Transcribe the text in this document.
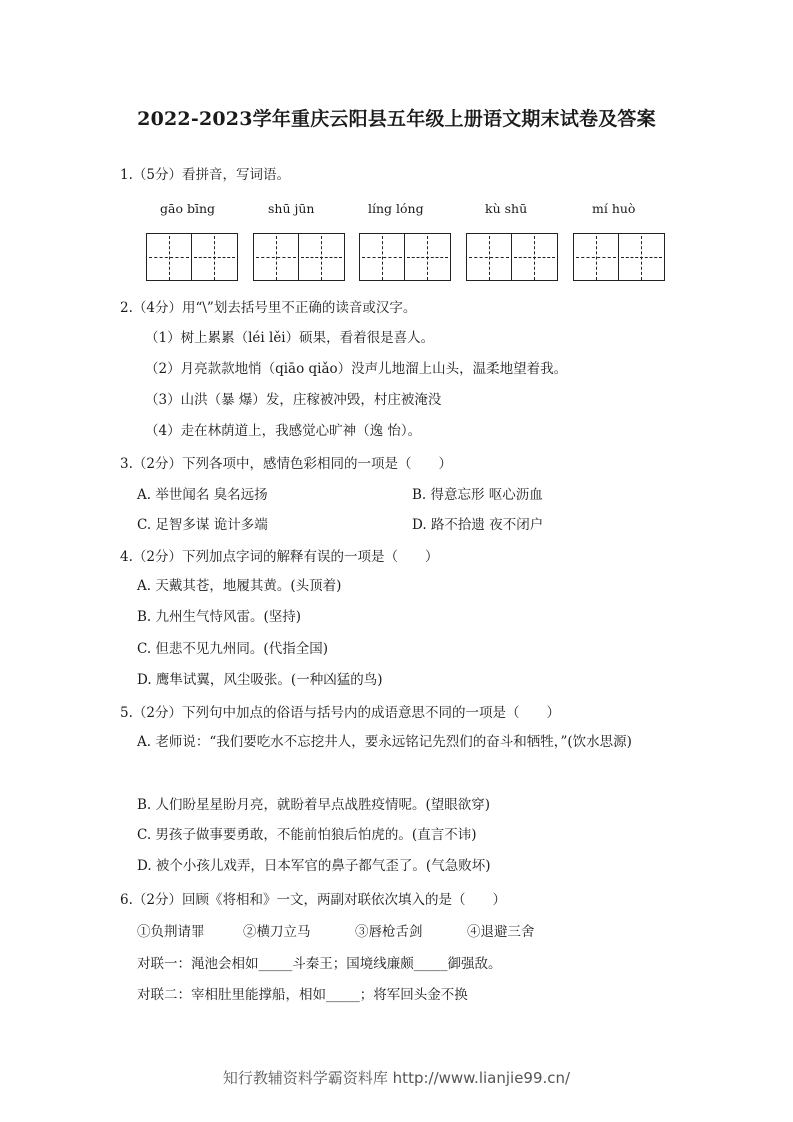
2022-2023学年重庆云阳县五年级上册语文期末试卷及答案
1.（5分）看拼音，写词语。
gāo bīng	shū jūn	líng lóng	kù shū	mí huò
2.（4分）用“\”划去括号里不正确的读音或汉字。
（1）树上累累（léi lěi）硕果，看着很是喜人。
（2）月亮款款地悄（qiāo qiǎo）没声儿地溜上山头，温柔地望着我。
（3）山洪（暴 爆）发，庄稼被冲毁，村庄被淹没
（4）走在林荫道上，我感觉心旷神（逸 怡）。
3.（2分）下列各项中，感情色彩相同的一项是（　　）
A. 举世闻名 臭名远扬	B. 得意忘形 呕心沥血
C. 足智多谋 诡计多端	D. 路不拾遗 夜不闭户
4.（2分）下列加点字词的解释有误的一项是（　　）
A. 天戴其苍，地履其黄。(头顶着)
B. 九州生气恃风雷。(坚持)
C. 但悲不见九州同。(代指全国)
D. 鹰隼试翼，风尘吸张。(一种凶猛的鸟)
5.（2分）下列句中加点的俗语与括号内的成语意思不同的一项是（　　）
A. 老师说：“我们要吃水不忘挖井人，要永远铭记先烈们的奋斗和牺牲，”(饮水思源)
B. 人们盼星星盼月亮，就盼着早点战胜疫情呢。(望眼欲穿)
C. 男孩子做事要勇敢，不能前怕狼后怕虎的。(直言不讳)
D. 被个小孩儿戏弄，日本军官的鼻子都气歪了。(气急败坏)
6.（2分）回顾《将相和》一文，两副对联依次填入的是（　　）
①负荆请罪	②横刀立马	③唇枪舌剑	④退避三舍
对联一：渑池会相如_____斗秦王；国境线廉颇_____御强敌。
对联二：宰相肚里能撑船，相如_____；将军回头金不换
知行教辅资料学霸资料库 http://www.lianjie99.cn/
